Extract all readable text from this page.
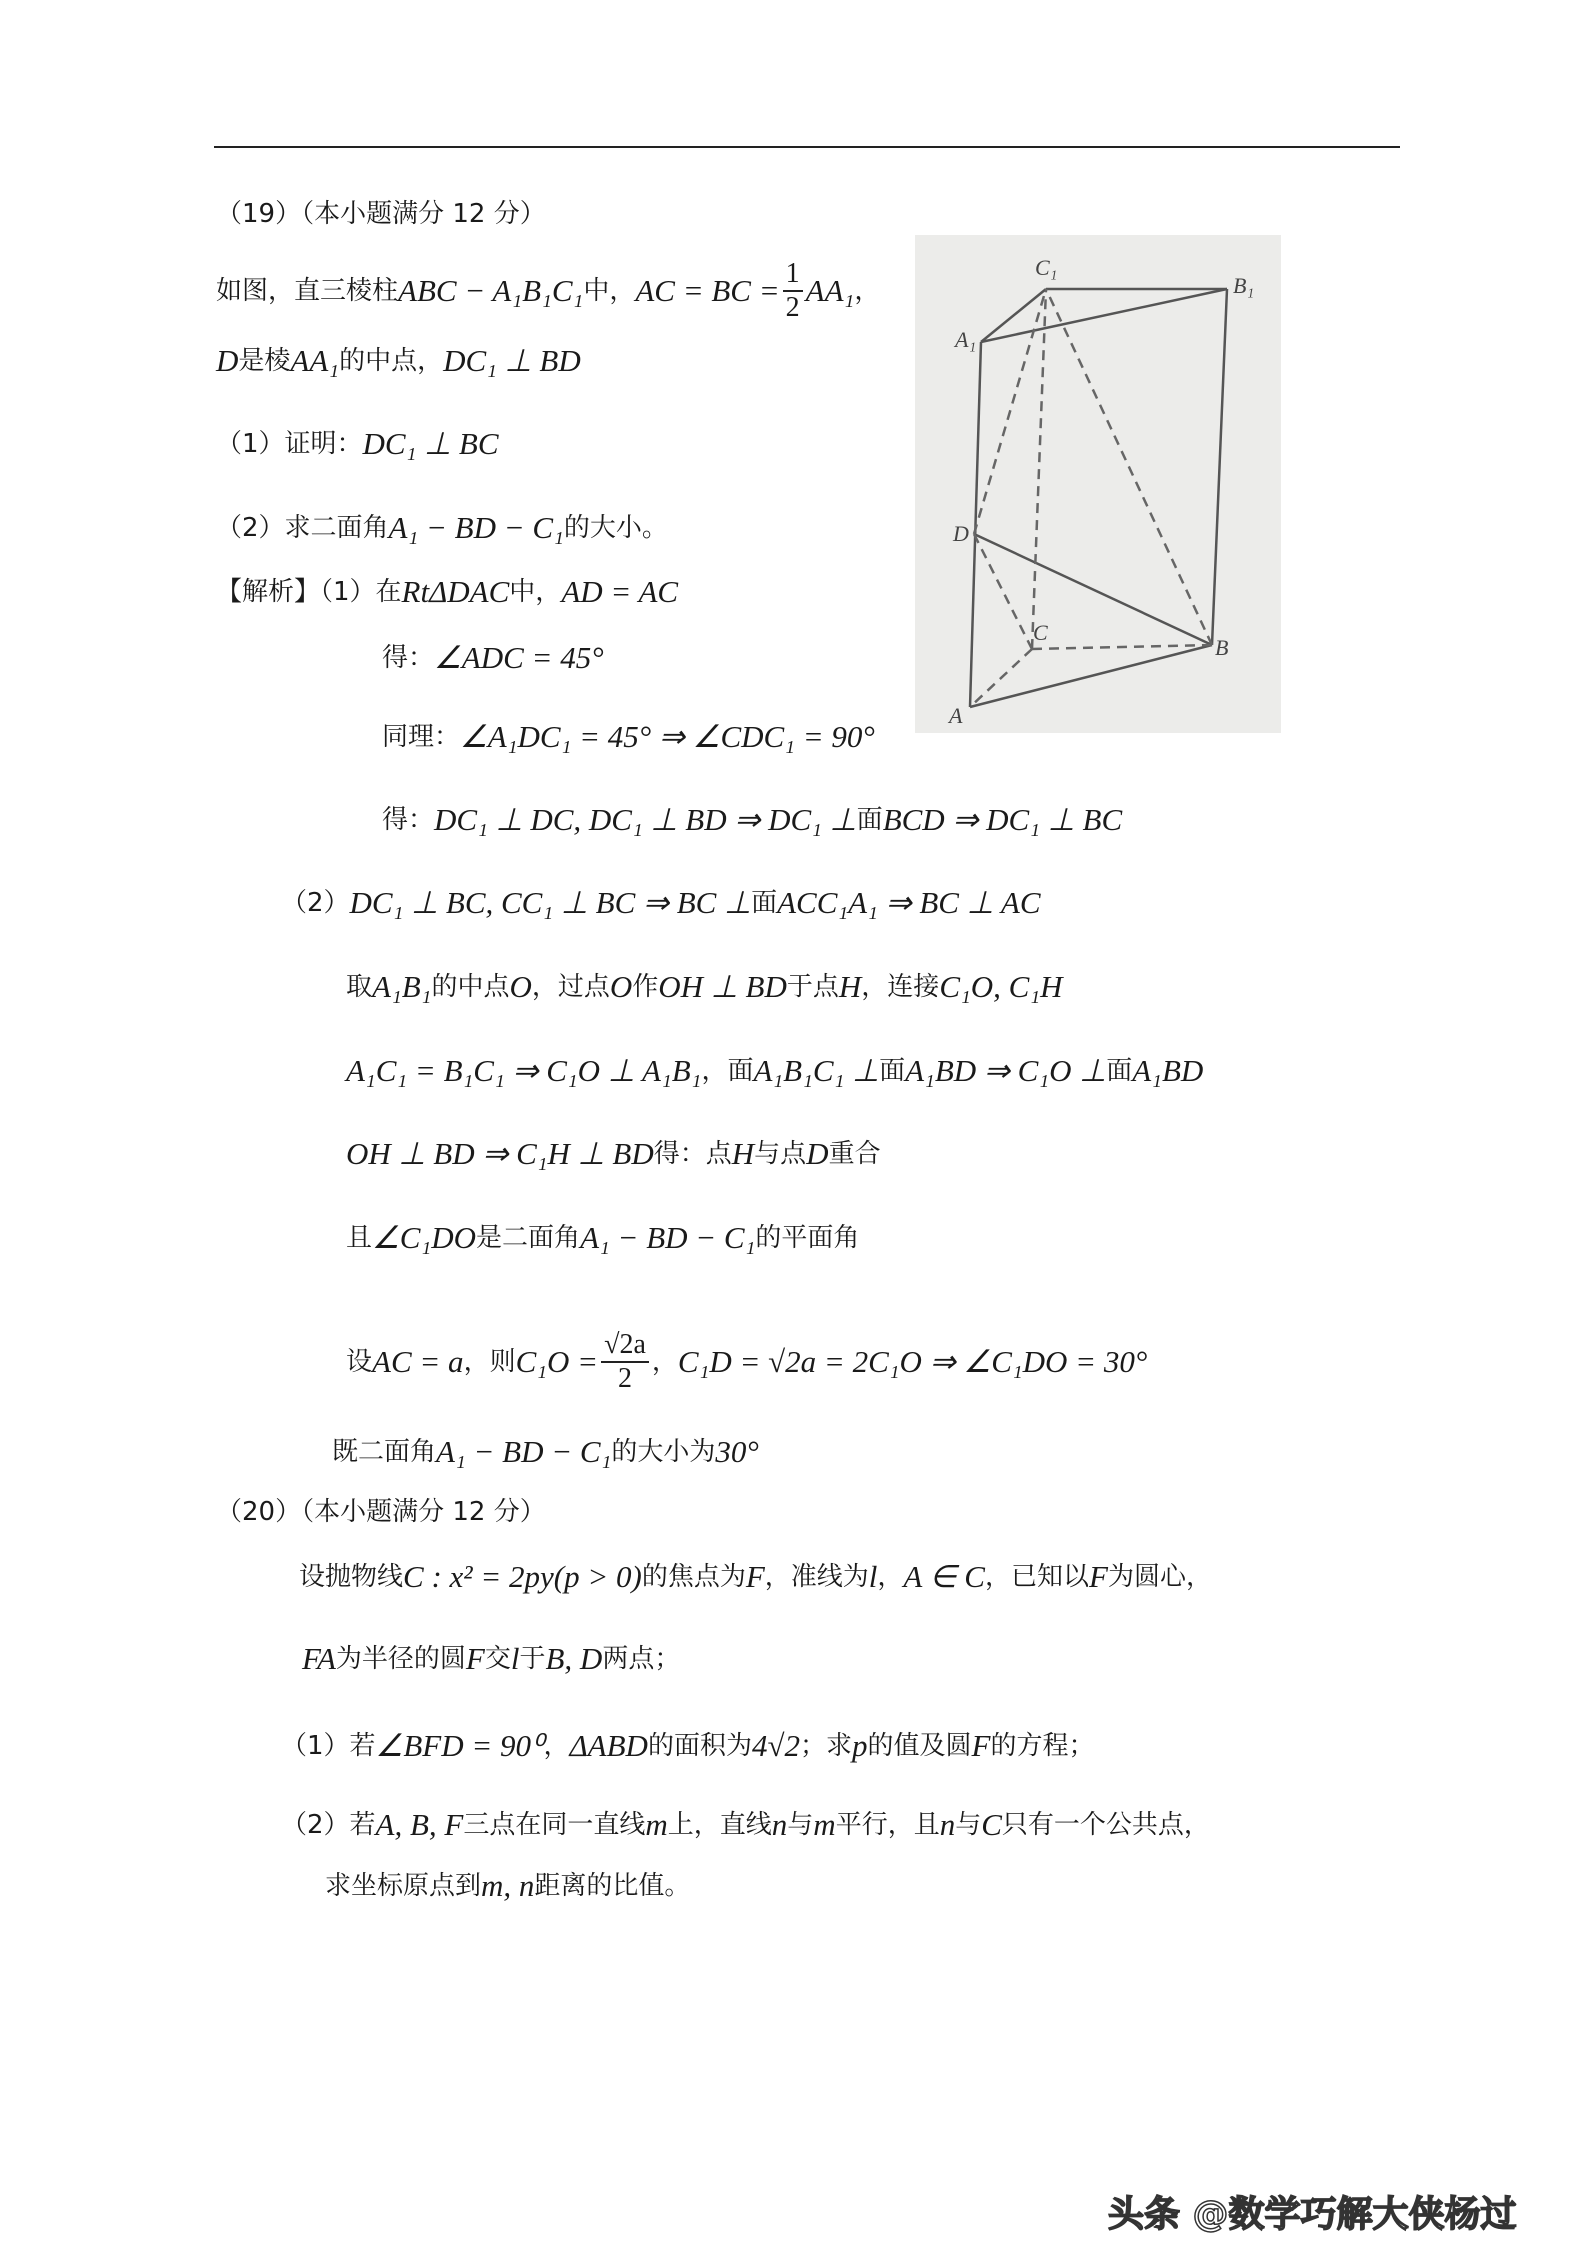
（19）（本小题满分 12 分）
如图，直三棱柱 ABC − A₁B₁C₁ 中， AC = BC = $\frac{1}{2} AA_1$ ，
D 是棱 AA₁ 的中点， DC₁ ⊥ BD
（1）证明： DC₁ ⊥ BC
（2）求二面角 A₁ − BD − C₁ 的大小。
【解析】（1）在 RtΔDAC 中， AD = AC
得： ∠ADC = 45°
同理： ∠A₁DC₁ = 45° ⇒ ∠CDC₁ = 90°
得： DC₁ ⊥ DC, DC₁ ⊥ BD ⇒ DC₁ ⊥ 面 BCD ⇒ DC₁ ⊥ BC
（2） DC₁ ⊥ BC, CC₁ ⊥ BC ⇒ BC ⊥ 面 ACC₁A₁ ⇒ BC ⊥ AC
取 A₁B₁ 的中点 O ，过点 O 作 OH ⊥ BD 于点 H ，连接 C₁O, C₁H
A₁C₁ = B₁C₁ ⇒ C₁O ⊥ A₁B₁ ，面 A₁B₁C₁ ⊥ 面 A₁BD ⇒ C₁O ⊥ 面 A₁BD
OH ⊥ BD ⇒ C₁H ⊥ BD 得：点 H 与点 D 重合
且 ∠C₁DO 是二面角 A₁ − BD − C₁ 的平面角
设 AC = a ，则 $C_1O = \frac{√2a}{2}$ ， C₁D = √2a = 2C₁O ⇒ ∠C₁DO = 30°
既二面角 A₁ − BD − C₁ 的大小为 30°
（20）（本小题满分 12 分）
设抛物线 C : x² = 2py(p > 0) 的焦点为 F ，准线为 l ， A ∈ C ，已知以 F 为圆心，
FA 为半径的圆 F 交 l 于 B, D 两点；
（1）若 ∠BFD = 90⁰ ， ΔABD 的面积为 4√2 ；求 p 的值及圆 F 的方程；
（2）若 A, B, F 三点在同一直线 m 上，直线 n 与 m 平行，且 n 与 C 只有一个公共点，
求坐标原点到 m, n 距离的比值。
C₁
B₁
A₁
D
A
B
C
头条 @数学巧解大侠杨过
